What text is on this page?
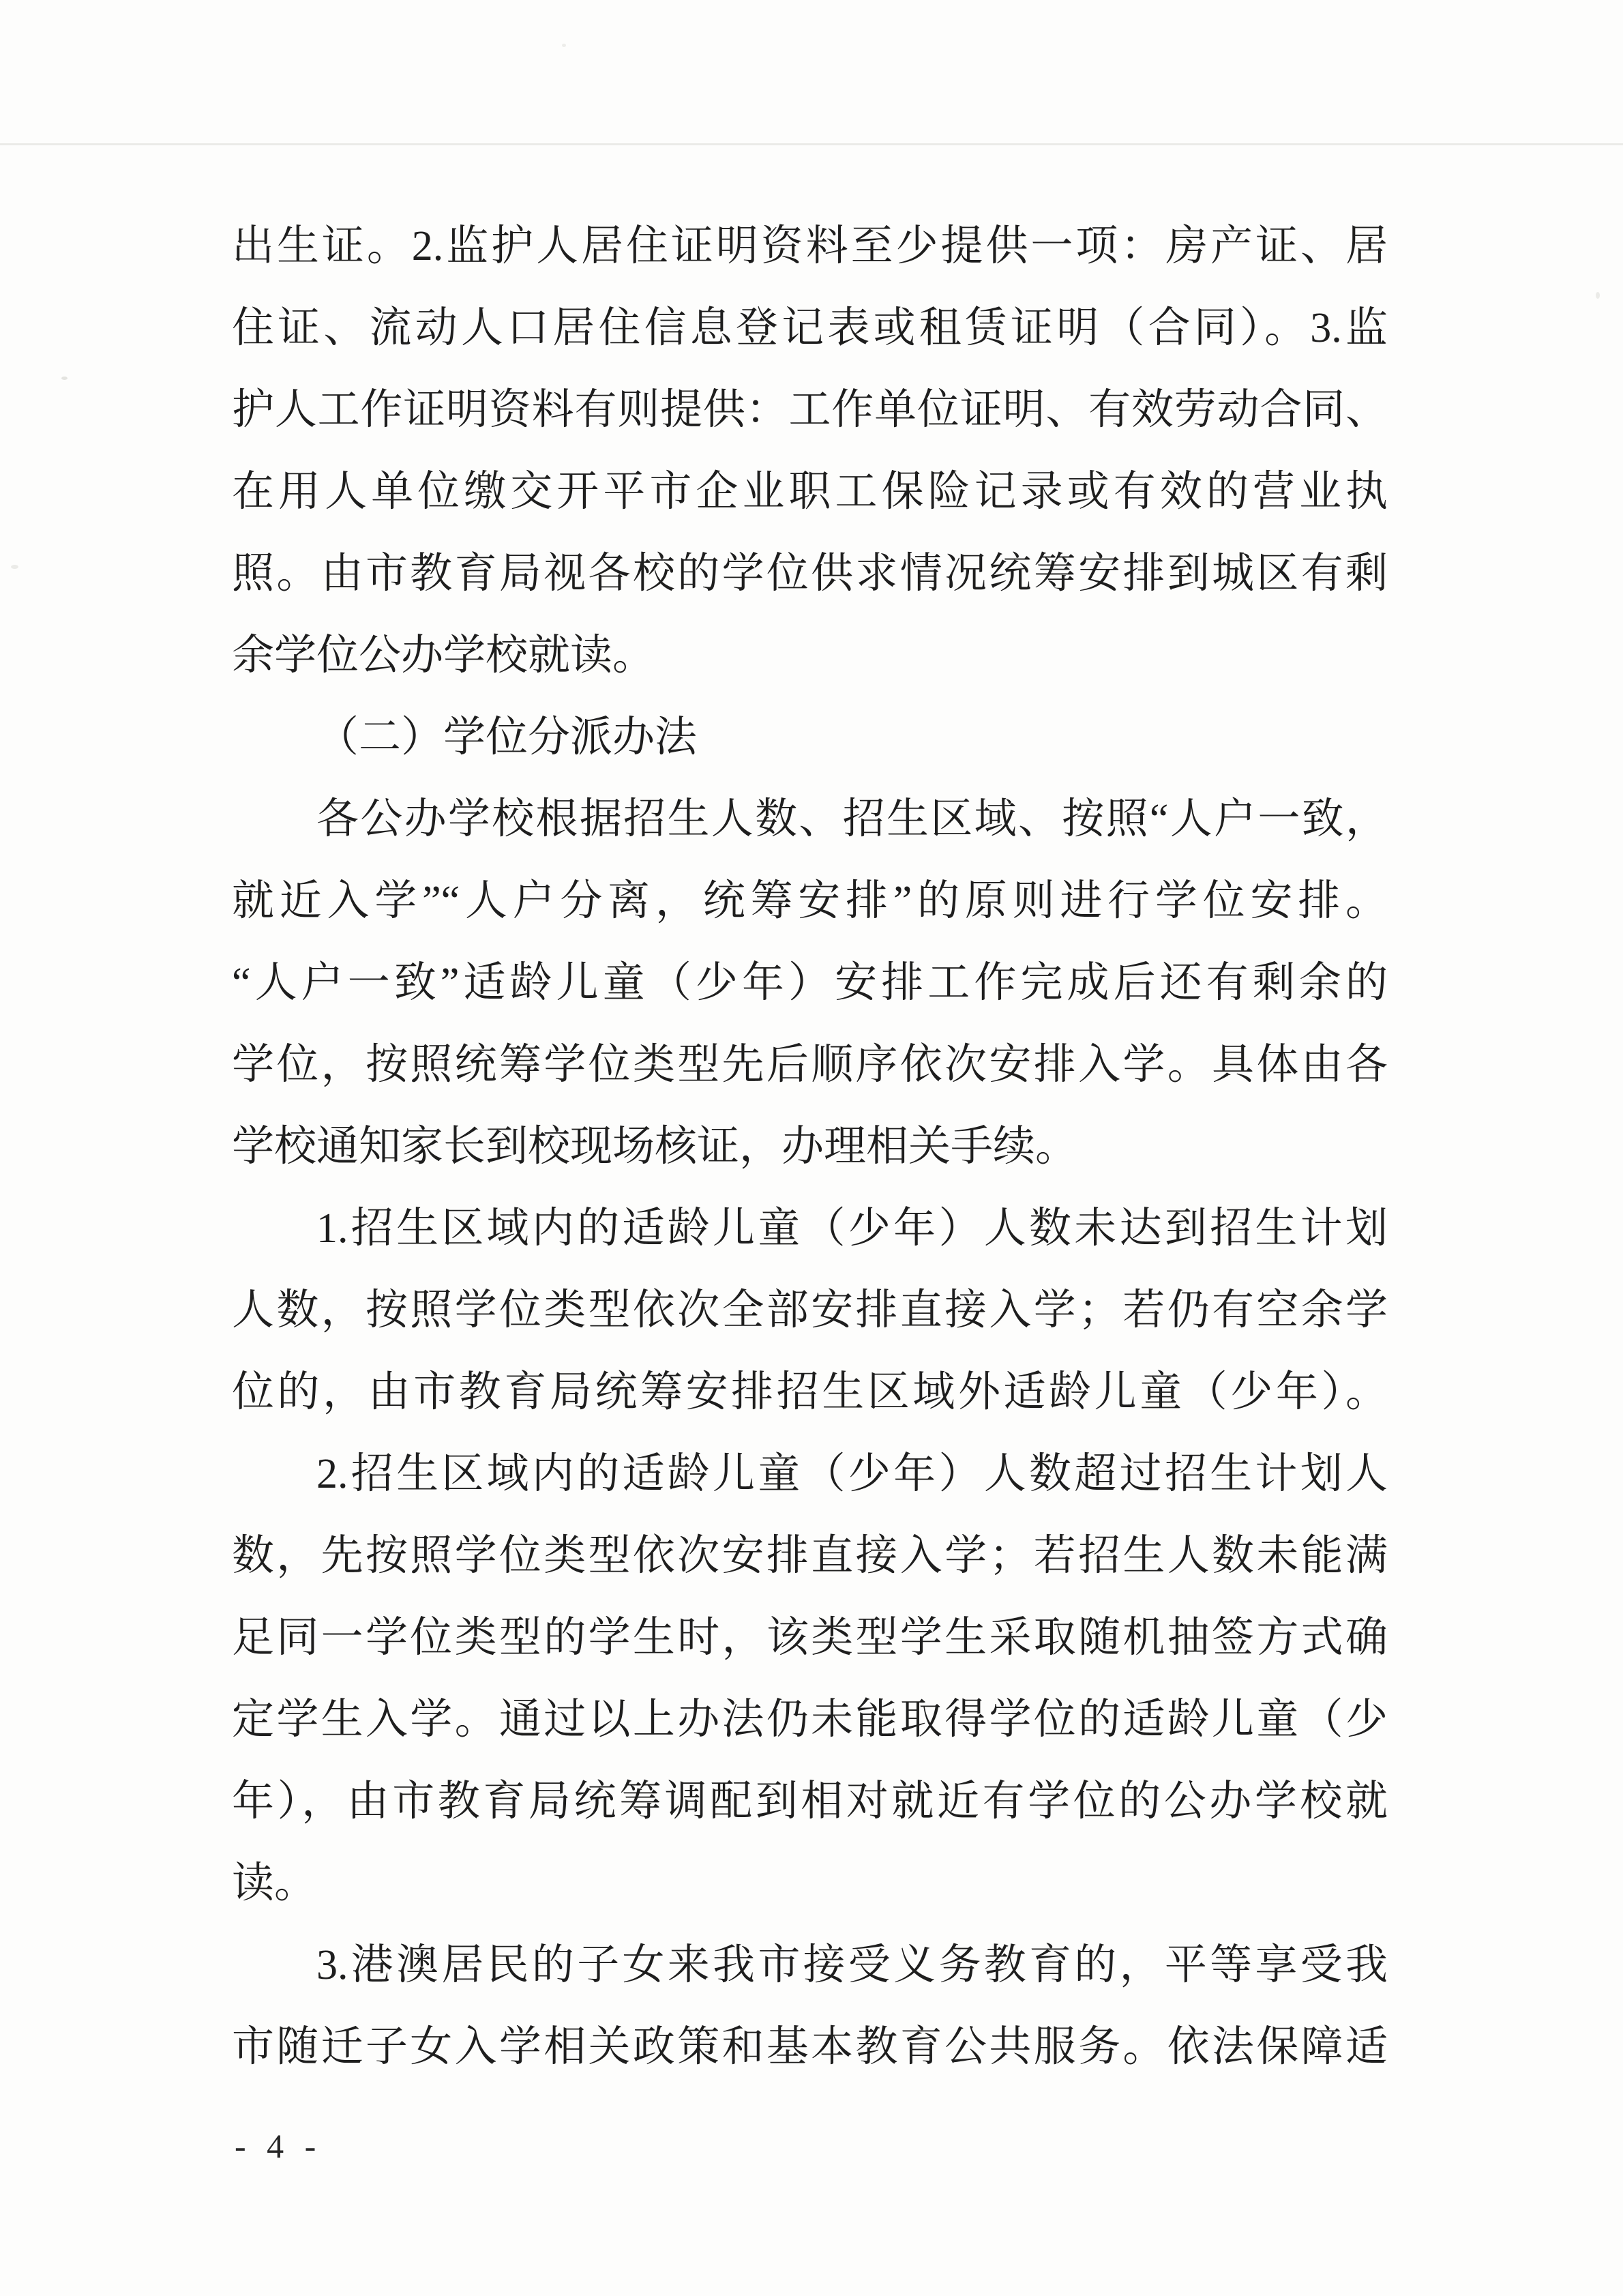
出生证。2.监护人居住证明资料至少提供一项：房产证、居
住证、流动人口居住信息登记表或租赁证明（合同）。3.监
护人工作证明资料有则提供：工作单位证明、有效劳动合同、
在用人单位缴交开平市企业职工保险记录或有效的营业执
照。由市教育局视各校的学位供求情况统筹安排到城区有剩
余学位公办学校就读。
（二）学位分派办法
各公办学校根据招生人数、招生区域、按照“人户一致，
就近入学”“人户分离，统筹安排”的原则进行学位安排。
“人户一致”适龄儿童（少年）安排工作完成后还有剩余的
学位，按照统筹学位类型先后顺序依次安排入学。具体由各
学校通知家长到校现场核证，办理相关手续。
1.招生区域内的适龄儿童（少年）人数未达到招生计划
人数，按照学位类型依次全部安排直接入学；若仍有空余学
位的，由市教育局统筹安排招生区域外适龄儿童（少年）。
2.招生区域内的适龄儿童（少年）人数超过招生计划人
数，先按照学位类型依次安排直接入学；若招生人数未能满
足同一学位类型的学生时，该类型学生采取随机抽签方式确
定学生入学。通过以上办法仍未能取得学位的适龄儿童（少
年），由市教育局统筹调配到相对就近有学位的公办学校就
读。
3.港澳居民的子女来我市接受义务教育的，平等享受我
市随迁子女入学相关政策和基本教育公共服务。依法保障适
- 4 -
